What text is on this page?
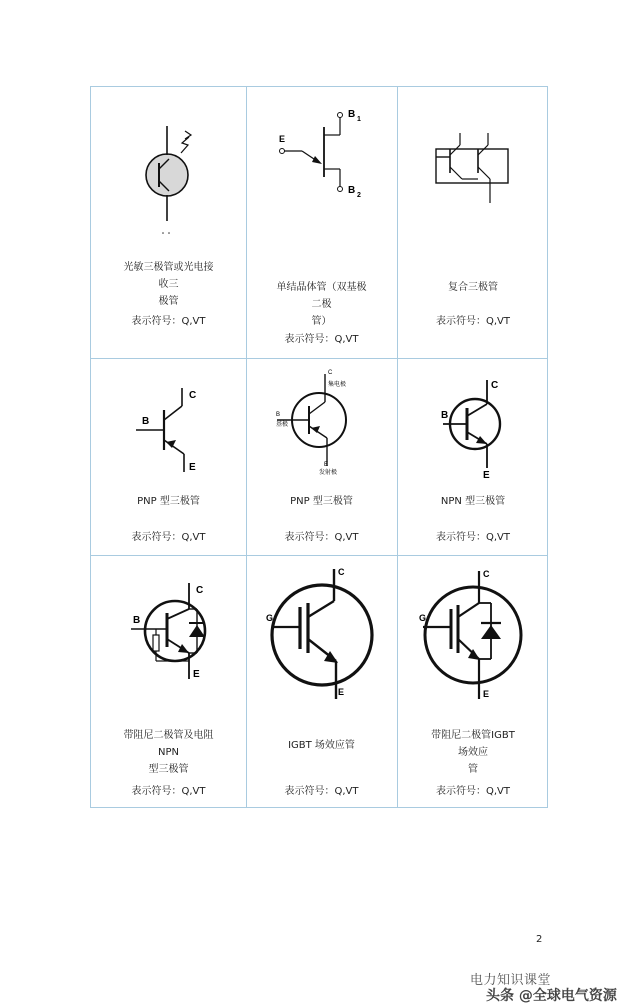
光敏三极管或光电接收三
极管
表示符号：Q,VT
B 1
B 2
E
单结晶体管（双基极二极
管）
表示符号：Q,VT
复合三极管
表示符号：Q,VT
C
B
E
PNP 型三极管
表示符号：Q,VT
C
集电极
B
基极
E
发射极
PNP 型三极管
表示符号：Q,VT
C
B
E
NPN 型三极管
表示符号：Q,VT
C
B
E
带阻尼二极管及电阻NPN
型三极管
表示符号：Q,VT
C
G
E
IGBT 场效应管
表示符号：Q,VT
C
G
E
带阻尼二极管IGBT 场效应
管
表示符号：Q,VT
2
电力知识课堂
头条 @全球电气资源
